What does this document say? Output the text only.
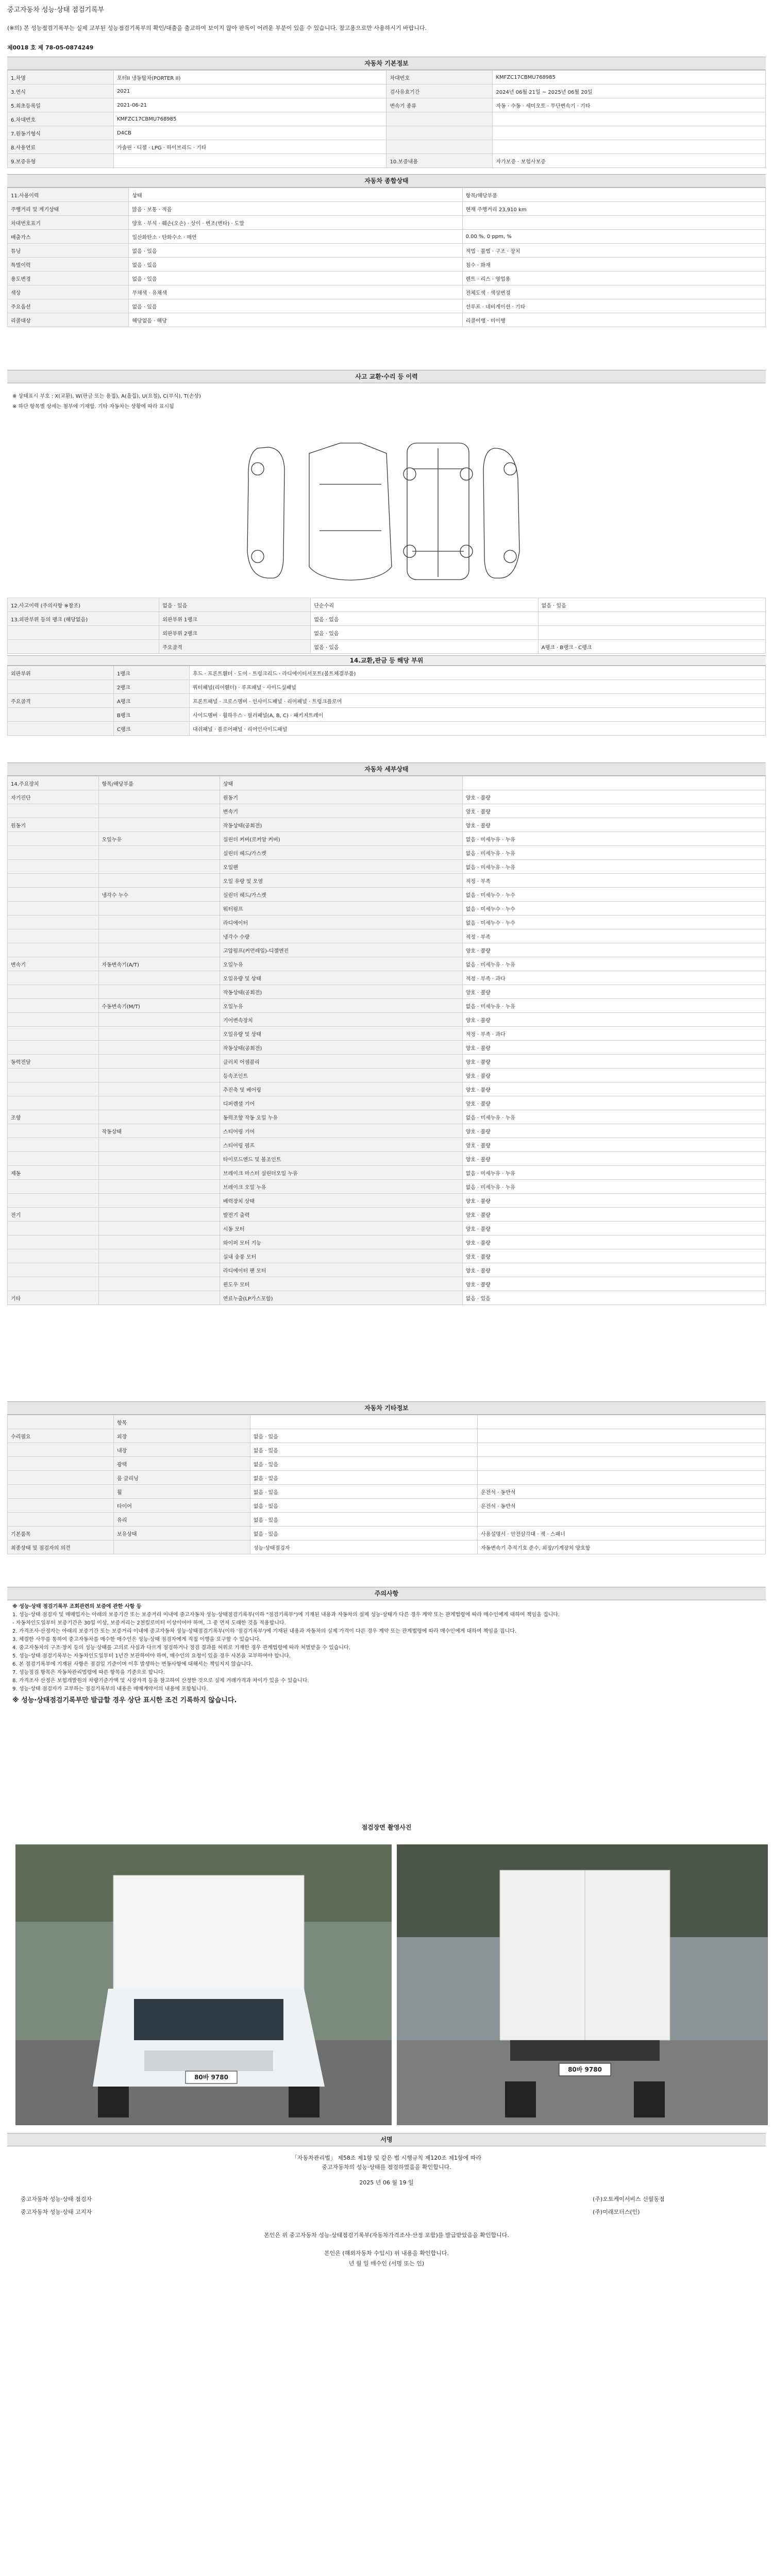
중고자동차 성능·상태 점검기록부
(※의) 본 성능점검기록부는 실제 교부된 성능점검기록부의 확인/대출을 출교하여 보이지 않아 판독이 어려운 부분이 있을 수 있습니다. 참고용으로만 사용하시기 바랍니다.
제0018 호 제 78-05-0874249
자동차 기본정보
1.차명	포터II 냉동탑차(PORTER II)	차대번호	KMFZC17CBMU768985
3.연식	2021	검사유효기간	2024년 06월 21일 ~ 2025년 06월 20일
5.최초등록일	2021-06-21	변속기 종류	자동 · 수동 · 세미오토 · 무단변속기 · 기타
6.차대번호	KMFZC17CBMU768985		
7.원동기형식	D4CB		
8.사용연료	가솔린 · 디젤 · LPG · 하이브리드 · 기타		
9.보증유형		10.보증내용	자가보증 · 보험사보증
자동차 종합상태
11.사용이력	상태	항목/해당부품
주행거리 및 계기상태	많음 · 보통 · 적음	현재 주행거리 23,910 km
차대번호표기	양호 · 부식 · 훼손(오손) · 상이 · 변조(변타) · 도말	
배출가스	일산화탄소 · 탄화수소 · 매연	0.00 %, 0 ppm, %
튜닝	없음 · 있음	적법 · 불법 · 구조 · 장치
특별이력	없음 · 있음	침수 · 화재
용도변경	없음 · 있음	렌트 · 리스 · 영업용
색상	무채색 · 유채색	전체도색 · 색상변경
주요옵션	없음 · 있음	선루프 · 네비게이션 · 기타
리콜대상	해당없음 · 해당	리콜이행 · 미이행
사고 교환·수리 등 이력
※ 상태표시 부호 : X(교환), W(판금 또는 용접), A(흠집), U(요철), C(부식), T(손상)
※ 하단 항목별 상세는 첨부에 기재함. 기타 자동차는 상황에 따라 표시됨
12.사고이력 (주의사항 ※참조)	없음 · 있음	단순수리	없음 · 있음
13.외판부위 등의 랭크 (해당없음)	외판부위 1랭크	없음 · 있음	
	외판부위 2랭크	없음 · 있음	
	주요골격	없음 · 있음	A랭크 · B랭크 · C랭크
14.교환,판금 등 해당 부위
외판부위	1랭크	후드 · 프론트휀더 · 도어 · 트렁크리드 · 라디에이터서포트(볼트체결부품)
	2랭크	쿼터패널(리어휀더) · 루프패널 · 사이드실패널
주요골격	A랭크	프론트패널 · 크로스멤버 · 인사이드패널 · 리어패널 · 트렁크플로어
	B랭크	사이드멤버 · 휠하우스 · 필러패널(A, B, C) · 패키지트레이
	C랭크	대쉬패널 · 플로어패널 · 리어인사이드패널
자동차 세부상태
14.주요장치	항목/해당부품	상태	
자기진단		원동기	양호 · 불량
		변속기	양호 · 불량
원동기		작동상태(공회전)	양호 · 불량
	오일누유	실린더 커버(로커암 커버)	없음 · 미세누유 · 누유
		실린더 헤드/가스켓	없음 · 미세누유 · 누유
		오일팬	없음 · 미세누유 · 누유
		오일 유량 및 오염	적정 · 부족
	냉각수 누수	실린더 헤드/가스켓	없음 · 미세누수 · 누수
		워터펌프	없음 · 미세누수 · 누수
		라디에이터	없음 · 미세누수 · 누수
		냉각수 수량	적정 · 부족
		고압펌프(커먼레일)-디젤엔진	양호 · 불량
변속기	자동변속기(A/T)	오일누유	없음 · 미세누유 · 누유
		오일유량 및 상태	적정 · 부족 · 과다
		작동상태(공회전)	양호 · 불량
	수동변속기(M/T)	오일누유	없음 · 미세누유 · 누유
		기어변속장치	양호 · 불량
		오일유량 및 상태	적정 · 부족 · 과다
		작동상태(공회전)	양호 · 불량
동력전달		클러치 어셈블리	양호 · 불량
		등속조인트	양호 · 불량
		추진축 및 베어링	양호 · 불량
		디퍼렌셜 기어	양호 · 불량
조향		동력조향 작동 오일 누유	없음 · 미세누유 · 누유
	작동상태	스티어링 기어	양호 · 불량
		스티어링 펌프	양호 · 불량
		타이로드엔드 및 볼조인트	양호 · 불량
제동		브레이크 마스터 실린더오일 누유	없음 · 미세누유 · 누유
		브레이크 오일 누유	없음 · 미세누유 · 누유
		배력장치 상태	양호 · 불량
전기		발전기 출력	양호 · 불량
		시동 모터	양호 · 불량
		와이퍼 모터 기능	양호 · 불량
		실내 송풍 모터	양호 · 불량
		라디에이터 팬 모터	양호 · 불량
		윈도우 모터	양호 · 불량
기타		연료누출(LP가스포함)	없음 · 있음
자동차 기타정보
	항목		
수리필요	외장	없음 · 있음	
	내장	없음 · 있음	
	광택	없음 · 있음	
	룸 클리닝	없음 · 있음	
	휠	없음 · 있음	운전석 · 동반석
	타이어	없음 · 있음	운전석 · 동반석
	유리	없음 · 있음	
기본품목	보유상태	없음 · 있음	사용설명서 · 안전삼각대 · 잭 · 스패너
최종상태 및 점검자의 의견		성능·상태점검자	자동변속기 추적기호 준수, 외장/기계장치 양호함
주의사항

※ 성능·상태 점검기록부 조회관련의 보증에 관한 사항 등

1. 성능·상태 점검자 및 매매업자는 아래의 보증기간 또는 보증거리 이내에 중고자동차 성능·상태점검기록부(이하 "점검기록부")에 기재된 내용과 자동차의 실제 성능·상태가 다른 경우 계약 또는 관계법령에 따라 매수인에게 대하여 책임을 집니다.

- 자동차인도일부터 보증기간은 30일 이상, 보증거리는 2천킬로미터 이상이어야 하며, 그 중 먼저 도래한 것을 적용합니다.

2. 가격조사·산정자는 아래의 보증기간 또는 보증거리 이내에 중고자동차 성능·상태점검기록부(이하 '점검기록부')에 기재된 내용과 자동차의 실제 가격이 다른 경우 계약 또는 관계법령에 따라 매수인에게 대하여 책임을 집니다.

3. 체결한 사무를 통하여 중고자동차를 매수한 매수인은 성능·상태 점검자에게 직접 이행을 요구할 수 있습니다.

4. 중고자동차의 구조·장치 등의 성능·상태를 고의로 사실과 다르게 점검하거나 점검 결과를 허위로 기재한 경우 관계법령에 따라 처벌받을 수 있습니다.

5. 성능·상태 점검기록부는 자동차인도일부터 1년간 보관하여야 하며, 매수인의 요청이 있을 경우 사본을 교부하여야 합니다.

6. 본 점검기록부에 기재된 사항은 점검일 기준이며 이후 발생하는 변동사항에 대해서는 책임지지 않습니다.

7. 성능점검 항목은 자동차관리법령에 따른 항목을 기준으로 합니다.

8. 가격조사 산정은 보험개발원의 차량기준가액 및 시장가격 등을 참고하여 산정한 것으로 실제 거래가격과 차이가 있을 수 있습니다.

9. 성능·상태 점검자가 교부하는 점검기록부의 내용은 매매계약서의 내용에 포함됩니다.

※ 성능·상태점검기록부만 발급할 경우 상단 표시한 조건 기록하지 않습니다.

점검장면 촬영사진
80바 9780
80바 9780
서명
「자동차관리법」 제58조 제1항 및 같은 법 시행규칙 제120조 제1항에 따라
중고자동차의 성능·상태를 점검하였음을 확인합니다.
2025 년 06 월 19 일
중고자동차 성능·상태 점검자	(주)오토케이서비스 신월동점
중고자동차 성능·상태 고지자	(주)미래모터스(인)
본인은 위 중고자동차 성능·상태점검기록부(자동차가격조사·산정 포함)를 발급받았음을 확인합니다.
본인은 (해외자동차 수입시) 위 내용을 확인합니다.
년 월 일 매수인 (서명 또는 인)
